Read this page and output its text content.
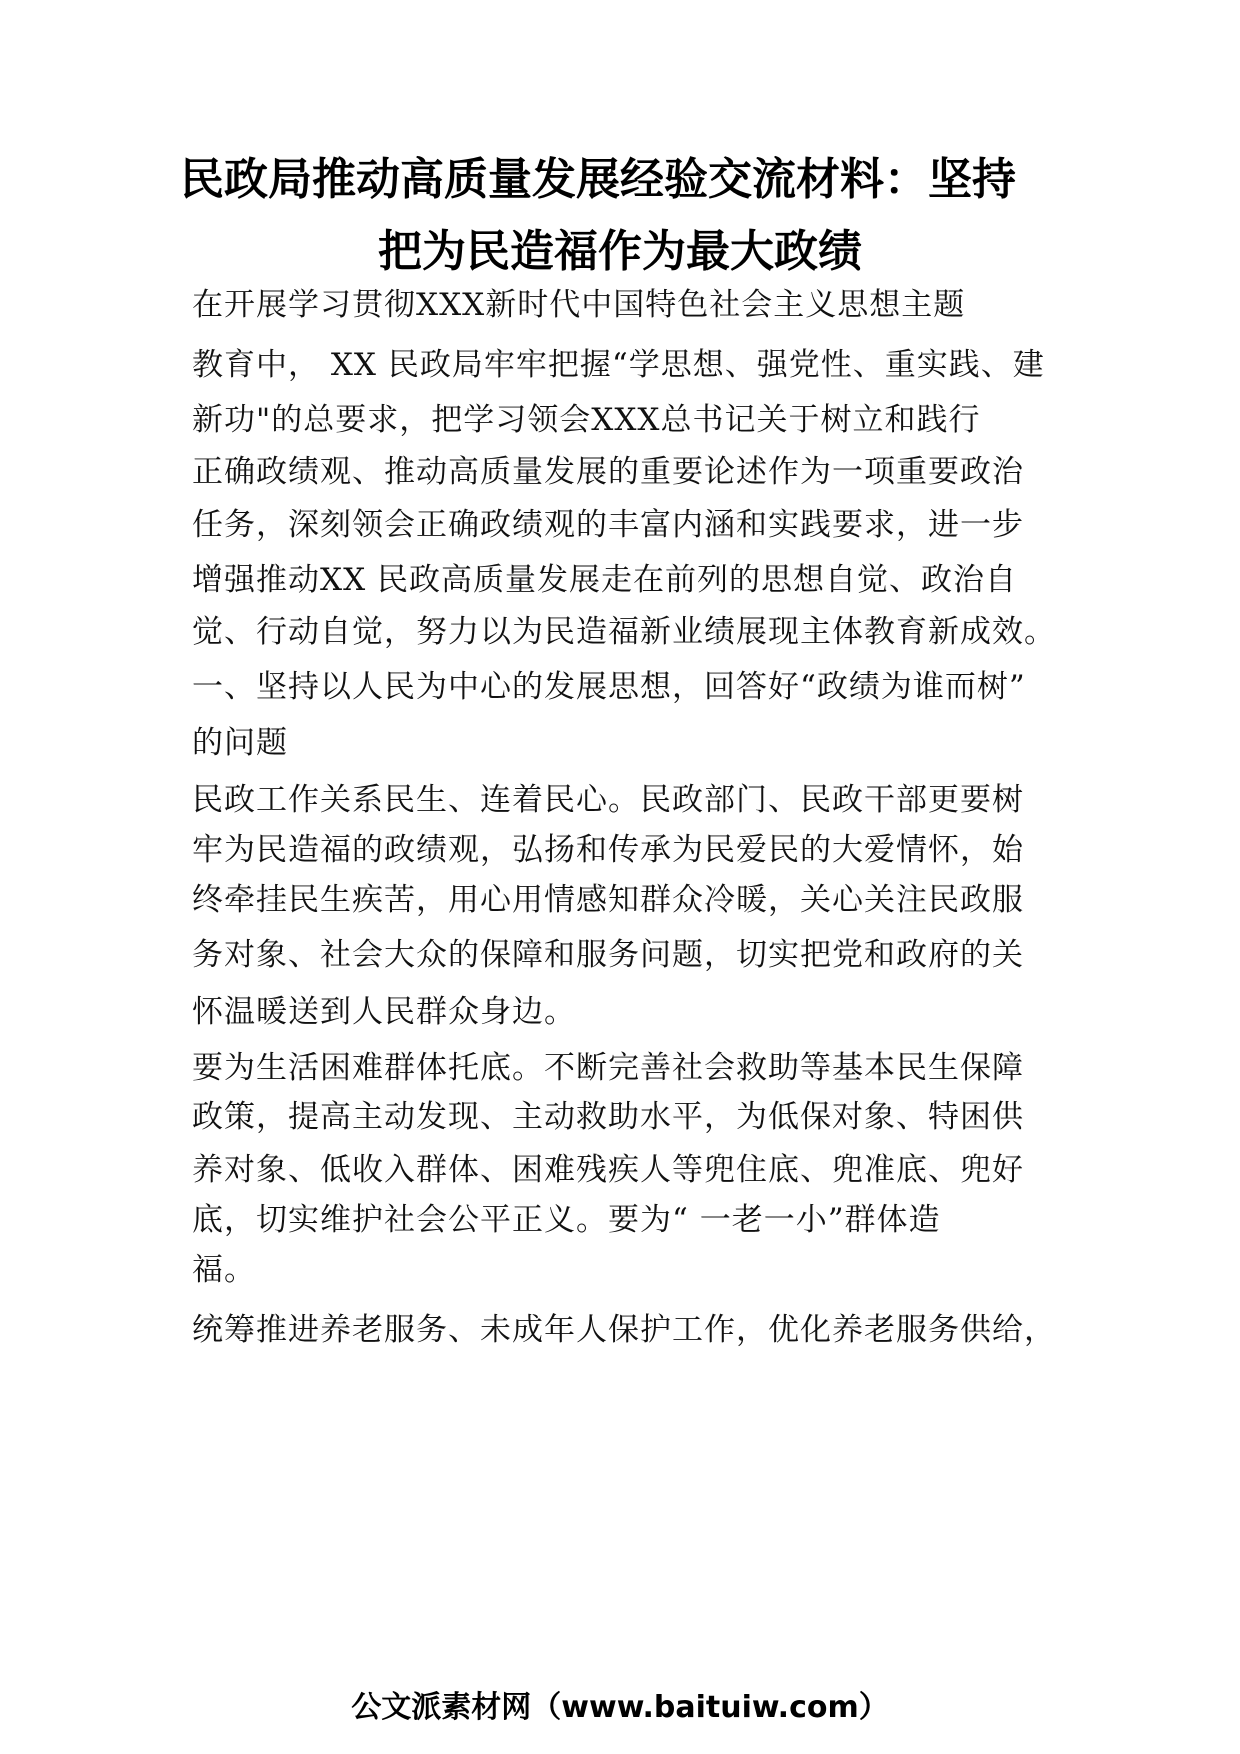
民政局推动高质量发展经验交流材料：坚持
把为民造福作为最大政绩
在开展学习贯彻XXX新时代中国特色社会主义思想主题
教育中， XX 民政局牢牢把握“学思想、强党性、重实践、建
新功"的总要求，把学习领会XXX总书记关于树立和践行
正确政绩观、推动高质量发展的重要论述作为一项重要政治
任务，深刻领会正确政绩观的丰富内涵和实践要求，进一步
增强推动XX 民政高质量发展走在前列的思想自觉、政治自
觉、行动自觉，努力以为民造福新业绩展现主体教育新成效。
一、坚持以人民为中心的发展思想，回答好“政绩为谁而树”
的问题
民政工作关系民生、连着民心。民政部门、民政干部更要树
牢为民造福的政绩观，弘扬和传承为民爱民的大爱情怀，始
终牵挂民生疾苦，用心用情感知群众冷暖，关心关注民政服
务对象、社会大众的保障和服务问题，切实把党和政府的关
怀温暖送到人民群众身边。
要为生活困难群体托底。不断完善社会救助等基本民生保障
政策，提高主动发现、主动救助水平，为低保对象、特困供
养对象、低收入群体、困难残疾人等兜住底、兜准底、兜好
底，切实维护社会公平正义。要为“ 一老一小”群体造
福。
统筹推进养老服务、未成年人保护工作，优化养老服务供给，
公文派素材网（www.baituiw.com）
